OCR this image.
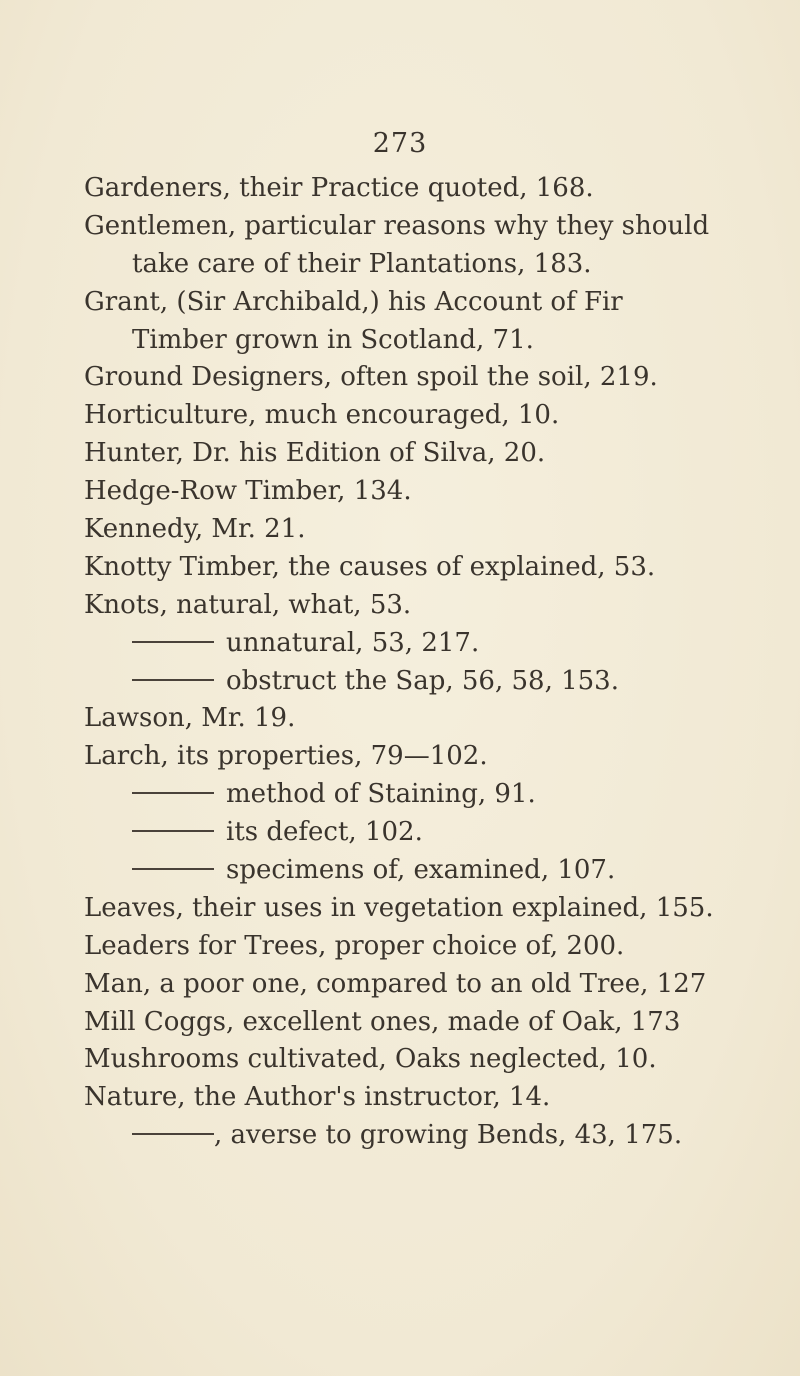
273
Gardeners, their Practice quoted, 168.
Gentlemen, particular reasons why they should
take care of their Plantations, 183.
Grant, (Sir Archibald,) his Account of Fir
Timber grown in Scotland, 71.
Ground Designers, often spoil the soil, 219.
Horticulture, much encouraged, 10.
Hunter, Dr. his Edition of Silva, 20.
Hedge-Row Timber, 134.
Kennedy, Mr. 21.
Knotty Timber, the causes of explained, 53.
Knots, natural, what, 53.
unnatural, 53, 217.
obstruct the Sap, 56, 58, 153.
Lawson, Mr. 19.
Larch, its properties, 79—102.
method of Staining, 91.
its defect, 102.
specimens of, examined, 107.
Leaves, their uses in vegetation explained, 155.
Leaders for Trees, proper choice of, 200.
Man, a poor one, compared to an old Tree, 127
Mill Coggs, excellent ones, made of Oak, 173
Mushrooms cultivated, Oaks neglected, 10.
Nature, the Author's instructor, 14.
, averse to growing Bends, 43, 175.
